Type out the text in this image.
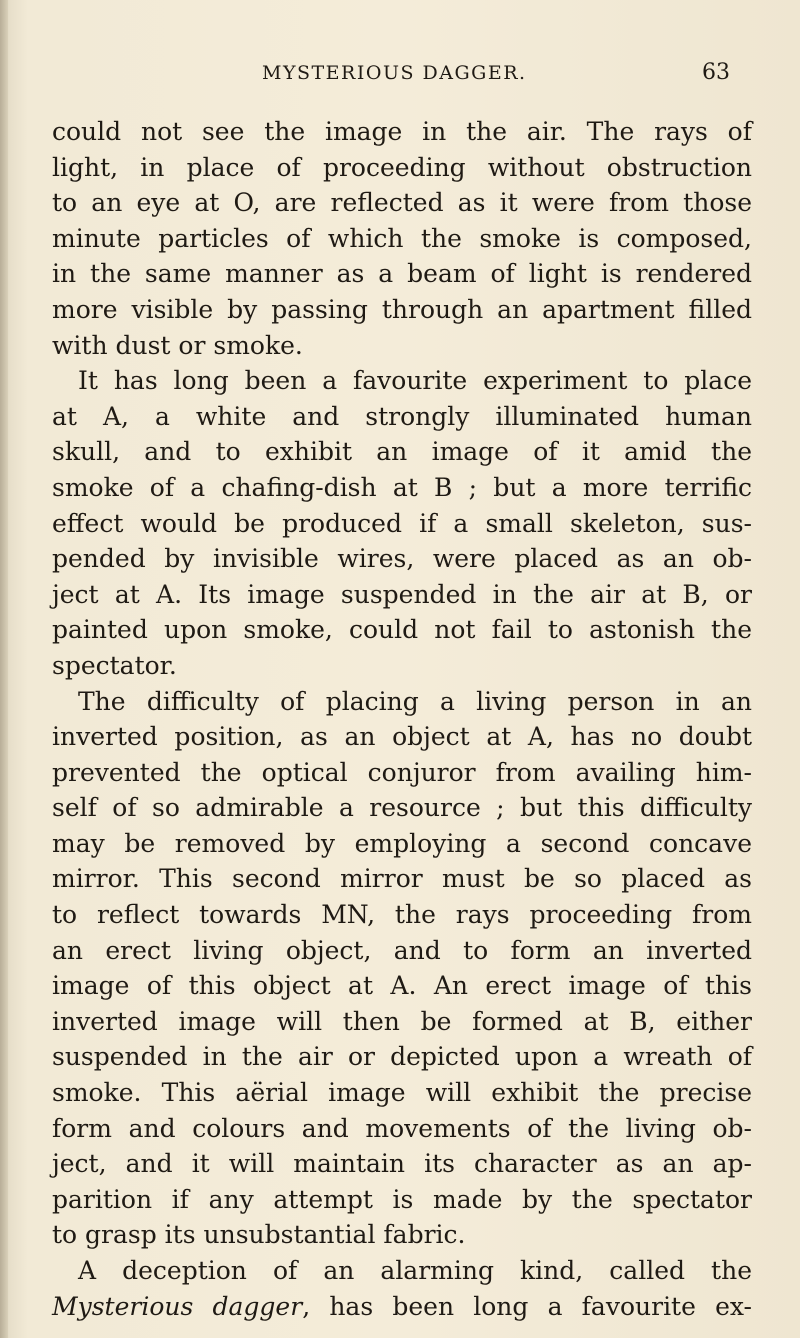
MYSTERIOUS DAGGER.	63
could not see the image in the air. The rays of
light, in place of proceeding without obstruction
to an eye at O, are reflected as it were from those
minute particles of which the smoke is composed,
in the same manner as a beam of light is rendered
more visible by passing through an apartment filled
with dust or smoke.
It has long been a favourite experiment to place
at A, a white and strongly illuminated human
skull, and to exhibit an image of it amid the
smoke of a chafing-dish at B ; but a more terrific
effect would be produced if a small skeleton, sus-
pended by invisible wires, were placed as an ob-
ject at A. Its image suspended in the air at B, or
painted upon smoke, could not fail to astonish the
spectator.
The difficulty of placing a living person in an
inverted position, as an object at A, has no doubt
prevented the optical conjuror from availing him-
self of so admirable a resource ; but this difficulty
may be removed by employing a second concave
mirror. This second mirror must be so placed as
to reflect towards MN, the rays proceeding from
an erect living object, and to form an inverted
image of this object at A. An erect image of this
inverted image will then be formed at B, either
suspended in the air or depicted upon a wreath of
smoke. This aërial image will exhibit the precise
form and colours and movements of the living ob-
ject, and it will maintain its character as an ap-
parition if any attempt is made by the spectator
to grasp its unsubstantial fabric.
A deception of an alarming kind, called the
Mysterious dagger, has been long a favourite ex-
